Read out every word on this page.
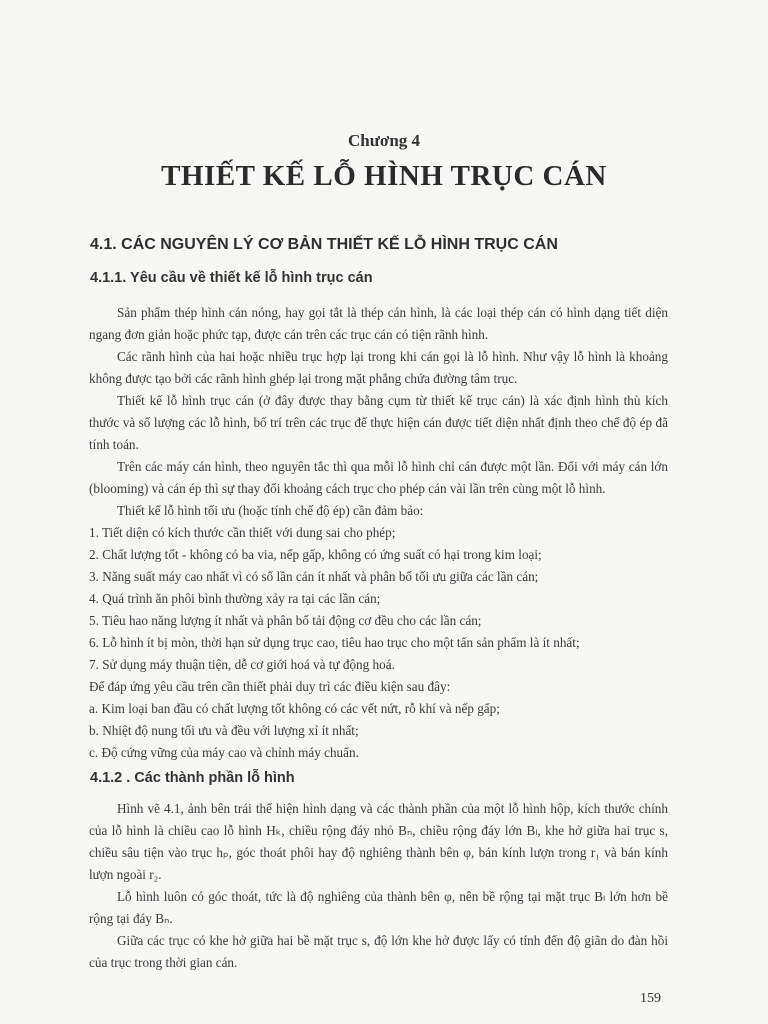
Chương 4
THIẾT KẾ LỖ HÌNH TRỤC CÁN
4.1. CÁC NGUYÊN LÝ CƠ BẢN THIẾT KẾ LỖ HÌNH TRỤC CÁN
4.1.1. Yêu cầu về thiết kế lỗ hình trục cán

Sản phẩm thép hình cán nóng, hay gọi tắt là thép cán hình, là các loại thép cán có hình dạng tiết diện ngang đơn giản hoặc phức tạp, được cán trên các trục cán có tiện rãnh hình.

Các rãnh hình của hai hoặc nhiều trục hợp lại trong khi cán gọi là lỗ hình. Như vậy lỗ hình là khoảng không được tạo bởi các rãnh hình ghép lại trong mặt phẳng chứa đường tâm trục.

Thiết kế lỗ hình trục cán (ở đây được thay bằng cụm từ thiết kế trục cán) là xác định hình thù kích thước và số lượng các lỗ hình, bố trí trên các trục để thực hiện cán được tiết diện nhất định theo chế độ ép đã tính toán.

Trên các máy cán hình, theo nguyên tắc thì qua mỗi lỗ hình chỉ cán được một lần. Đối với máy cán lớn (blooming) và cán ép thì sự thay đổi khoảng cách trục cho phép cán vài lần trên cùng một lỗ hình.

Thiết kế lỗ hình tối ưu (hoặc tính chế độ ép) cần đảm bảo:

1. Tiết diện có kích thước cần thiết với dung sai cho phép;

2. Chất lượng tốt - không có ba via, nếp gấp, không có ứng suất có hại trong kim loại;

3. Năng suất máy cao nhất vì có số lần cán ít nhất và phân bố tối ưu giữa các lần cán;

4. Quá trình ăn phôi bình thường xảy ra tại các lần cán;

5. Tiêu hao năng lượng ít nhất và phân bố tải động cơ đều cho các lần cán;

6. Lỗ hình ít bị mòn, thời hạn sử dụng trục cao, tiêu hao trục cho một tấn sản phẩm là ít nhất;

7. Sử dụng máy thuận tiện, dễ cơ giới hoá và tự động hoá.

Để đáp ứng yêu cầu trên cần thiết phải duy trì các điều kiện sau đây:

a. Kim loại ban đầu có chất lượng tốt không có các vết nứt, rỗ khí và nếp gấp;

b. Nhiệt độ nung tối ưu và đều với lượng xỉ ít nhất;

c. Độ cứng vững của máy cao và chỉnh máy chuẩn.

4.1.2 . Các thành phần lỗ hình

Hình vẽ 4.1, ảnh bên trái thể hiện hình dạng và các thành phần của một lỗ hình hộp, kích thước chính của lỗ hình là chiều cao lỗ hình Hₖ, chiều rộng đáy nhỏ Bₙ, chiều rộng đáy lớn Bₗ, khe hở giữa hai trục s, chiều sâu tiện vào trục hₚ, góc thoát phôi hay độ nghiêng thành bên φ, bán kính lượn trong r₁ và bán kính lượn ngoài r₂.

Lỗ hình luôn có góc thoát, tức là độ nghiêng của thành bên φ, nên bề rộng tại mặt trục Bₗ lớn hơn bề rộng tại đáy Bₙ.

Giữa các trục có khe hở giữa hai bề mặt trục s, độ lớn khe hở được lấy có tính đến độ giãn do đàn hồi của trục trong thời gian cán.

159
